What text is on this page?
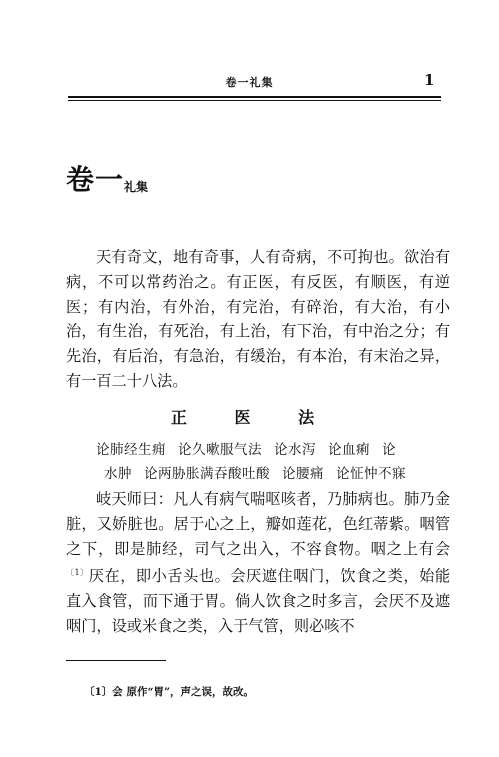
卷一礼集	1
卷一 礼集

天有奇文，地有奇事，人有奇病，不可拘也。欲治有病，不可以常药治之。有正医，有反医，有顺医，有逆医；有内治，有外治，有完治，有碎治，有大治，有小治，有生治，有死治，有上治，有下治，有中治之分；有先治，有后治，有急治，有缓治，有本治，有末治之异，有一百二十八法。

正 医 法

论肺经生痈 论久嗽服气法 论水泻 论血痢 论

水肿 论两胁胀满吞酸吐酸 论腰痛 论怔忡不寐

岐天师曰：凡人有病气喘呕咳者，乃肺病也。肺乃金脏，又娇脏也。居于心之上，瓣如莲花，色红蒂紫。咽管之下，即是肺经，司气之出入，不容食物。咽之上有会$^{〔1〕}$厌在，即小舌头也。会厌遮住咽门，饮食之类，始能直入食管，而下通于胃。倘人饮食之时多言，会厌不及遮咽门，设或米食之类，入于气管，则必咳不

〔1〕会 原作“胃”，声之误，故改。
